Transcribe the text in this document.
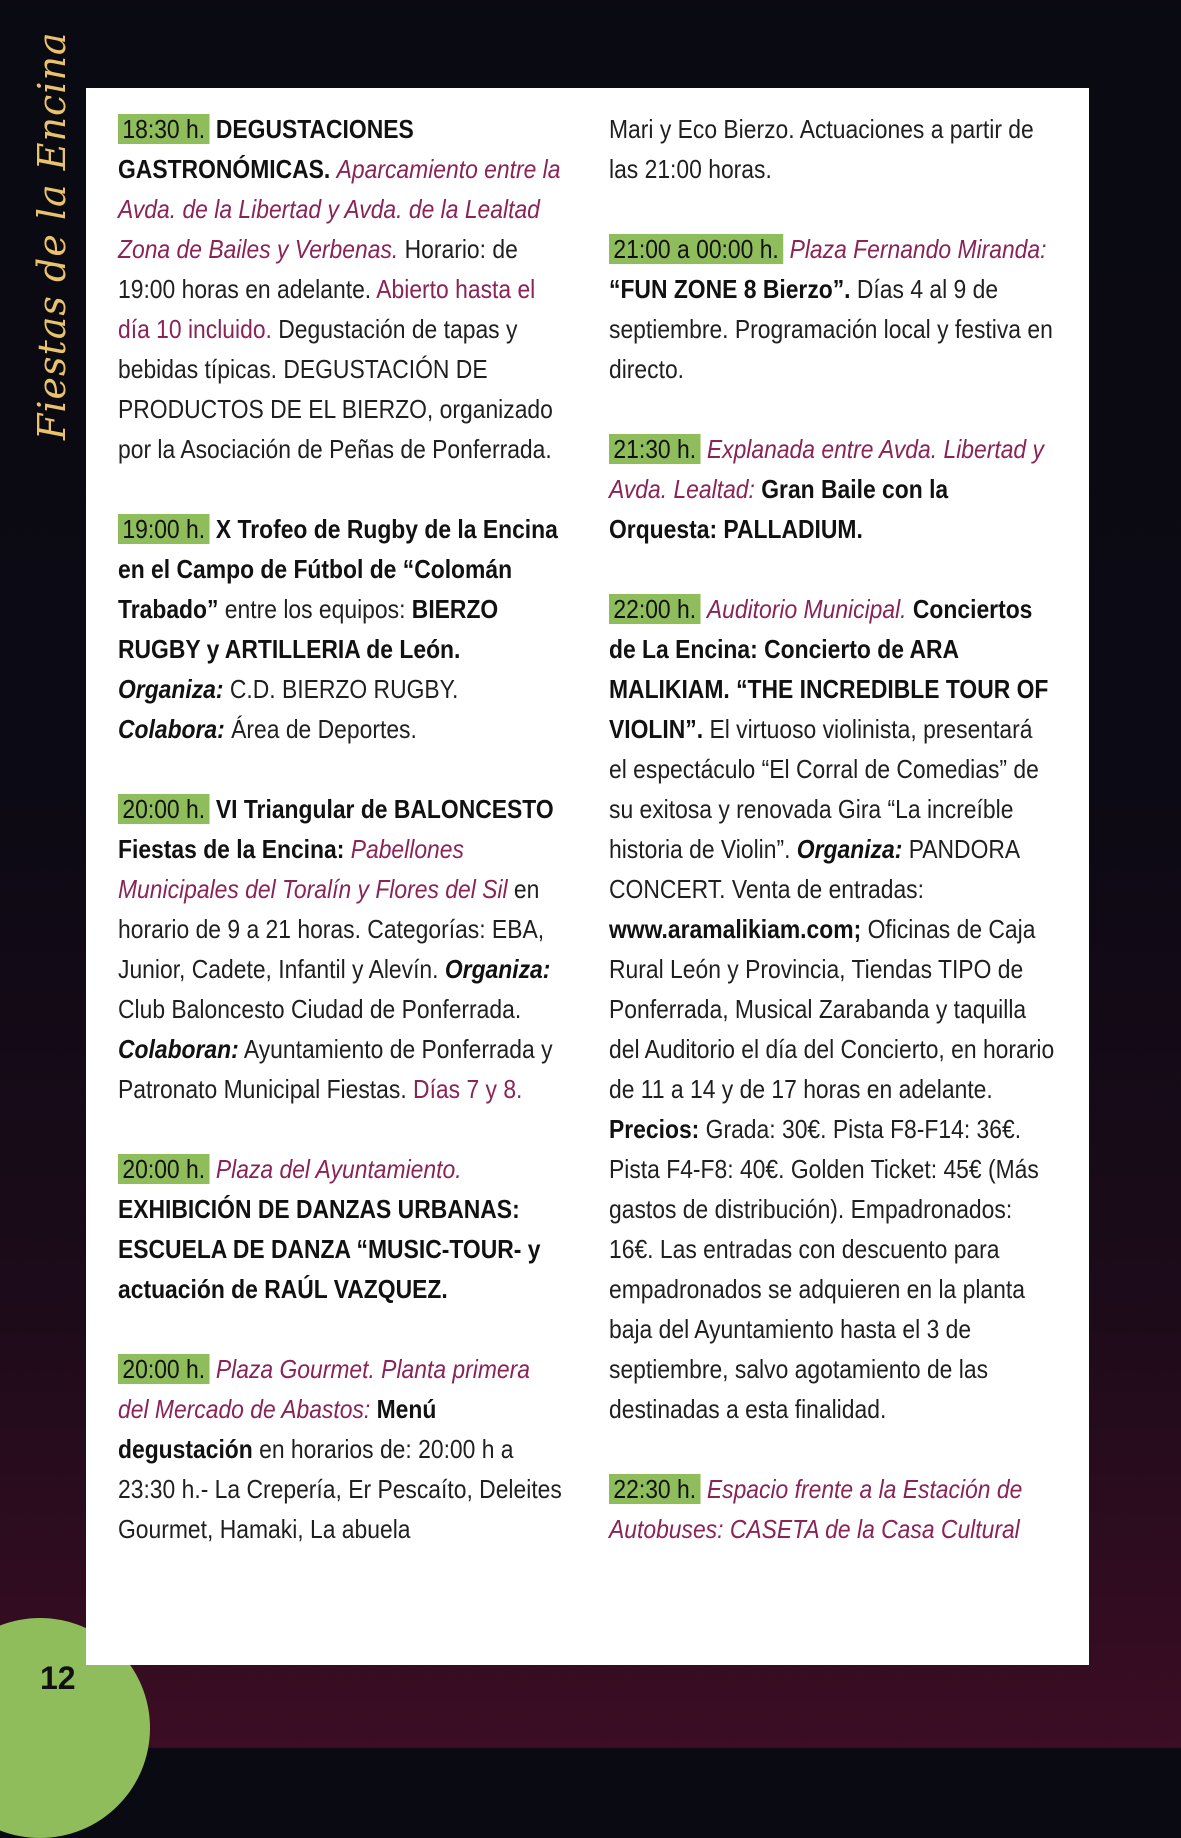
Fiestas de la Encina
12

18:30 h. DEGUSTACIONES GASTRONÓMICAS. Aparcamiento entre la Avda. de la Libertad y Avda. de la Lealtad Zona de Bailes y Verbenas. Horario: de 19:00 horas en adelante. Abierto hasta el día 10 incluido. Degustación de tapas y bebidas típicas. DEGUSTACIÓN DE PRODUCTOS DE EL BIERZO, organizado por la Asociación de Peñas de Ponferrada.

19:00 h. X Trofeo de Rugby de la Encina en el Campo de Fútbol de “Colomán Trabado” entre los equipos: BIERZO RUGBY y ARTILLERIA de León. Organiza: C.D. BIERZO RUGBY. Colabora: Área de Deportes.

20:00 h. VI Triangular de BALONCESTO Fiestas de la Encina: Pabellones Municipales del Toralín y Flores del Sil en horario de 9 a 21 horas. Categorías: EBA, Junior, Cadete, Infantil y Alevín. Organiza: Club Baloncesto Ciudad de Ponferrada. Colaboran: Ayuntamiento de Ponferrada y Patronato Municipal Fiestas. Días 7 y 8.

20:00 h. Plaza del Ayuntamiento. EXHIBICIÓN DE DANZAS URBANAS: ESCUELA DE DANZA “MUSIC-TOUR- y actuación de RAÚL VAZQUEZ.

20:00 h. Plaza Gourmet. Planta primera del Mercado de Abastos: Menú degustación en horarios de: 20:00 h a 23:30 h.- La Crepería, Er Pescaíto, Deleites Gourmet, Hamaki, La abuela

Mari y Eco Bierzo. Actuaciones a partir de las 21:00 horas.

21:00 a 00:00 h. Plaza Fernando Miranda: “FUN ZONE 8 Bierzo”. Días 4 al 9 de septiembre. Programación local y festiva en directo.

21:30 h. Explanada entre Avda. Libertad y Avda. Lealtad: Gran Baile con la Orquesta: PALLADIUM.

22:00 h. Auditorio Municipal. Conciertos de La Encina: Concierto de ARA MALIKIAM. “THE INCREDIBLE TOUR OF VIOLIN”. El virtuoso violinista, presentará el espectáculo “El Corral de Comedias” de su exitosa y renovada Gira “La increíble historia de Violin”. Organiza: PANDORA CONCERT. Venta de entradas: www.aramalikiam.com; Oficinas de Caja Rural León y Provincia, Tiendas TIPO de Ponferrada, Musical Zarabanda y taquilla del Auditorio el día del Concierto, en horario de 11 a 14 y de 17 horas en adelante. Precios: Grada: 30€. Pista F8-F14: 36€. Pista F4-F8: 40€. Golden Ticket: 45€ (Más gastos de distribución). Empadronados: 16€. Las entradas con descuento para empadronados se adquieren en la planta baja del Ayuntamiento hasta el 3 de septiembre, salvo agotamiento de las destinadas a esta finalidad.

22:30 h. Espacio frente a la Estación de Autobuses: CASETA de la Casa Cultural
